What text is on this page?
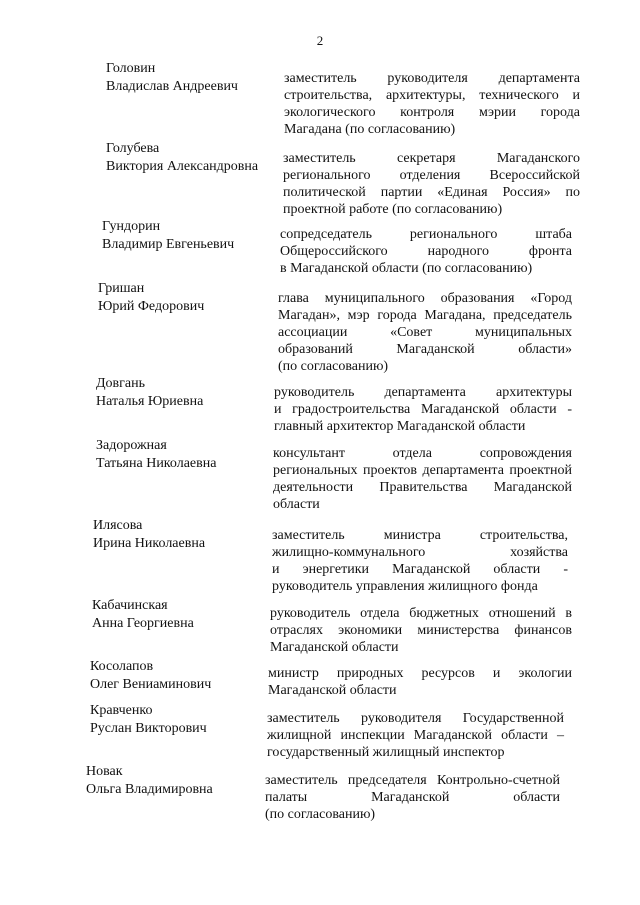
2
Головин
Владислав Андреевич
заместитель руководителя департамента
строительства, архитектуры, технического и
экологического контроля мэрии города
Магадана (по согласованию)
Голубева
Виктория Александровна
заместитель секретаря Магаданского
регионального отделения Всероссийской
политической партии «Единая Россия» по
проектной работе (по согласованию)
Гундорин
Владимир Евгеньевич
сопредседатель регионального штаба
Общероссийского народного фронта
в Магаданской области (по согласованию)
Гришан
Юрий Федорович
глава муниципального образования «Город
Магадан», мэр города Магадана, председатель
ассоциации «Совет муниципальных
образований Магаданской области»
(по согласованию)
Довгань
Наталья Юриевна
руководитель департамента архитектуры
и градостроительства Магаданской области -
главный архитектор Магаданской области
Задорожная
Татьяна Николаевна
консультант отдела сопровождения
региональных проектов департамента проектной
деятельности Правительства Магаданской
области
Илясова
Ирина Николаевна
заместитель министра строительства,
жилищно-коммунального хозяйства
и энергетики Магаданской области -
руководитель управления жилищного фонда
Кабачинская
Анна Георгиевна
руководитель отдела бюджетных отношений в
отраслях экономики министерства финансов
Магаданской области
Косолапов
Олег Вениаминович
министр природных ресурсов и экологии
Магаданской области
Кравченко
Руслан Викторович
заместитель руководителя Государственной
жилищной инспекции Магаданской области –
государственный жилищный инспектор
Новак
Ольга Владимировна
заместитель председателя Контрольно-счетной
палаты Магаданской области
(по согласованию)
